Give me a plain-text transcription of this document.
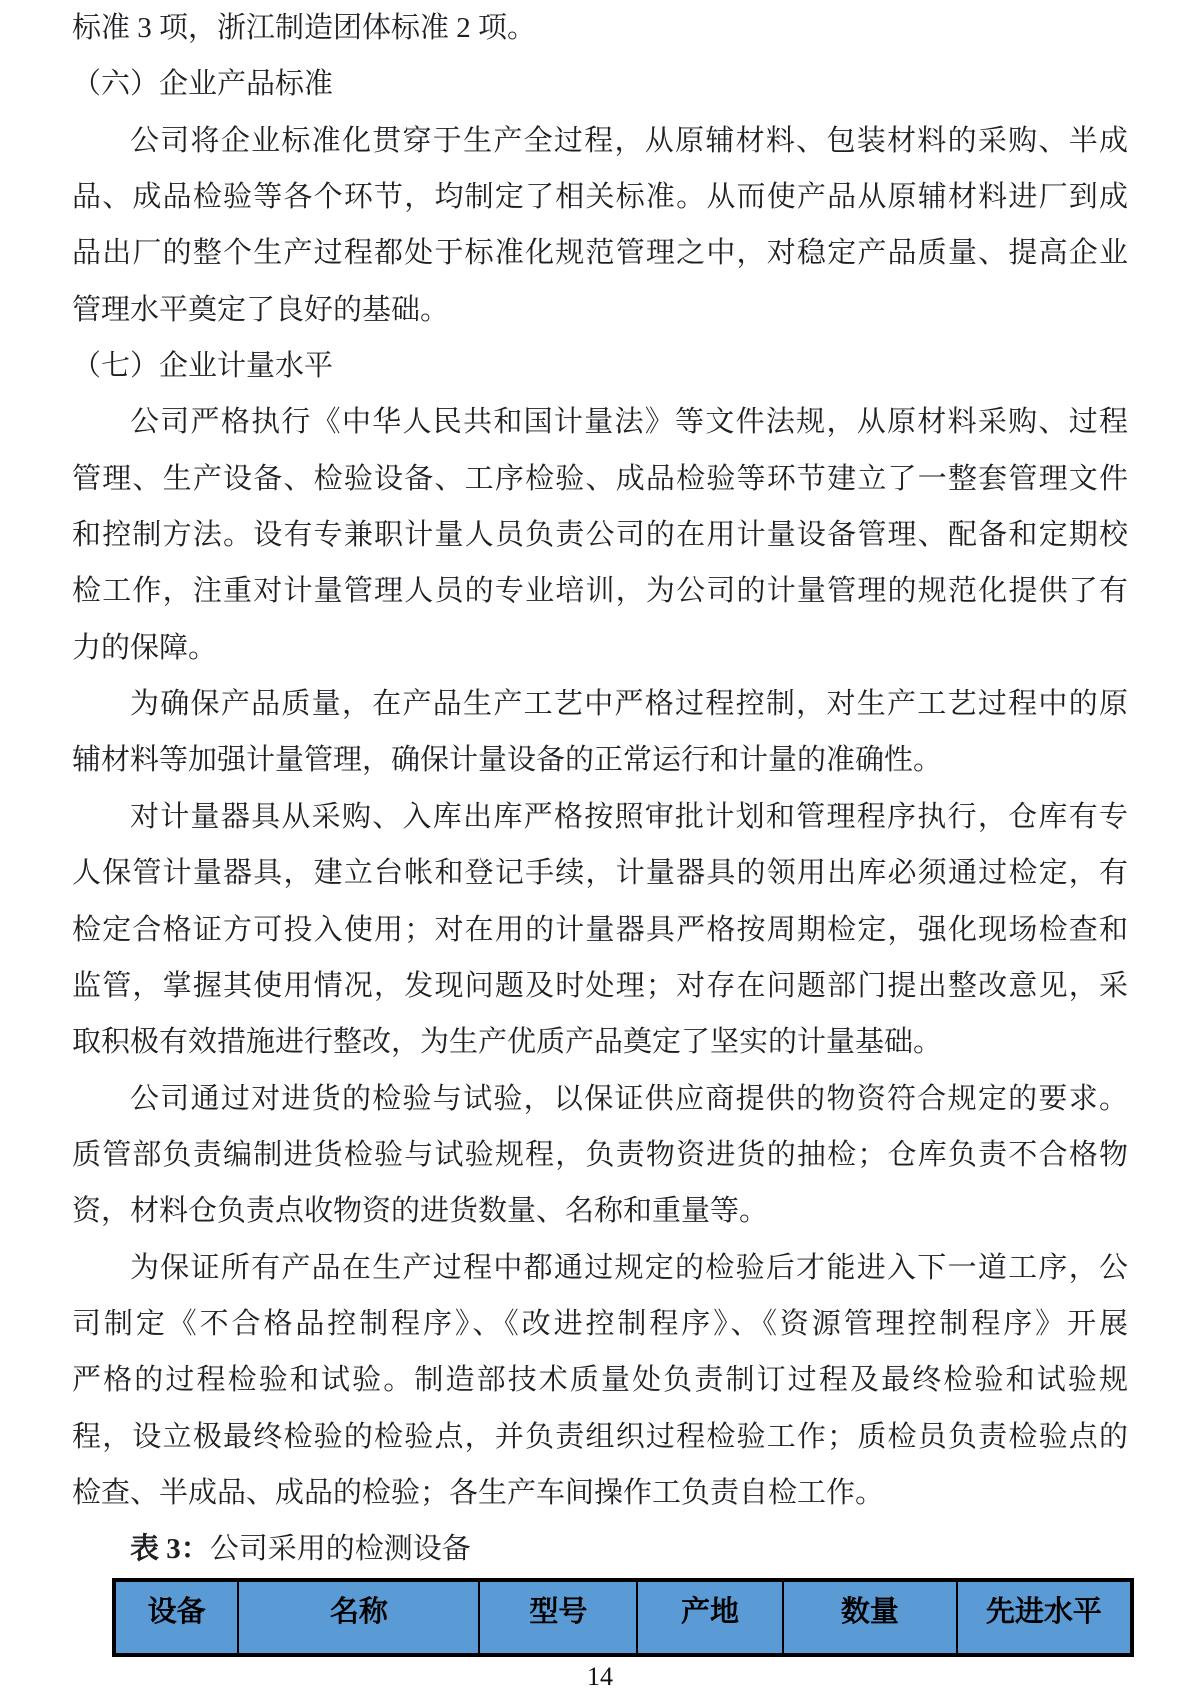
标准 3 项，浙江制造团体标准 2 项。
（六）企业产品标准
公司将企业标准化贯穿于生产全过程，从原辅材料、包装材料的采购、半成
品、成品检验等各个环节，均制定了相关标准。从而使产品从原辅材料进厂到成
品出厂的整个生产过程都处于标准化规范管理之中，对稳定产品质量、提高企业
管理水平奠定了良好的基础。
（七）企业计量水平
公司严格执行《中华人民共和国计量法》等文件法规，从原材料采购、过程
管理、生产设备、检验设备、工序检验、成品检验等环节建立了一整套管理文件
和控制方法。设有专兼职计量人员负责公司的在用计量设备管理、配备和定期校
检工作，注重对计量管理人员的专业培训，为公司的计量管理的规范化提供了有
力的保障。
为确保产品质量，在产品生产工艺中严格过程控制，对生产工艺过程中的原
辅材料等加强计量管理，确保计量设备的正常运行和计量的准确性。
对计量器具从采购、入库出库严格按照审批计划和管理程序执行，仓库有专
人保管计量器具，建立台帐和登记手续，计量器具的领用出库必须通过检定，有
检定合格证方可投入使用；对在用的计量器具严格按周期检定，强化现场检查和
监管，掌握其使用情况，发现问题及时处理；对存在问题部门提出整改意见，采
取积极有效措施进行整改，为生产优质产品奠定了坚实的计量基础。
公司通过对进货的检验与试验，以保证供应商提供的物资符合规定的要求。
质管部负责编制进货检验与试验规程，负责物资进货的抽检；仓库负责不合格物
资，材料仓负责点收物资的进货数量、名称和重量等。
为保证所有产品在生产过程中都通过规定的检验后才能进入下一道工序，公
司制定《不合格品控制程序》、《改进控制程序》、《资源管理控制程序》开展
严格的过程检验和试验。制造部技术质量处负责制订过程及最终检验和试验规
程，设立极最终检验的检验点，并负责组织过程检验工作；质检员负责检验点的
检查、半成品、成品的检验；各生产车间操作工负责自检工作。
表 3：公司采用的检测设备
设备	名称	型号	产地	数量	先进水平
14
